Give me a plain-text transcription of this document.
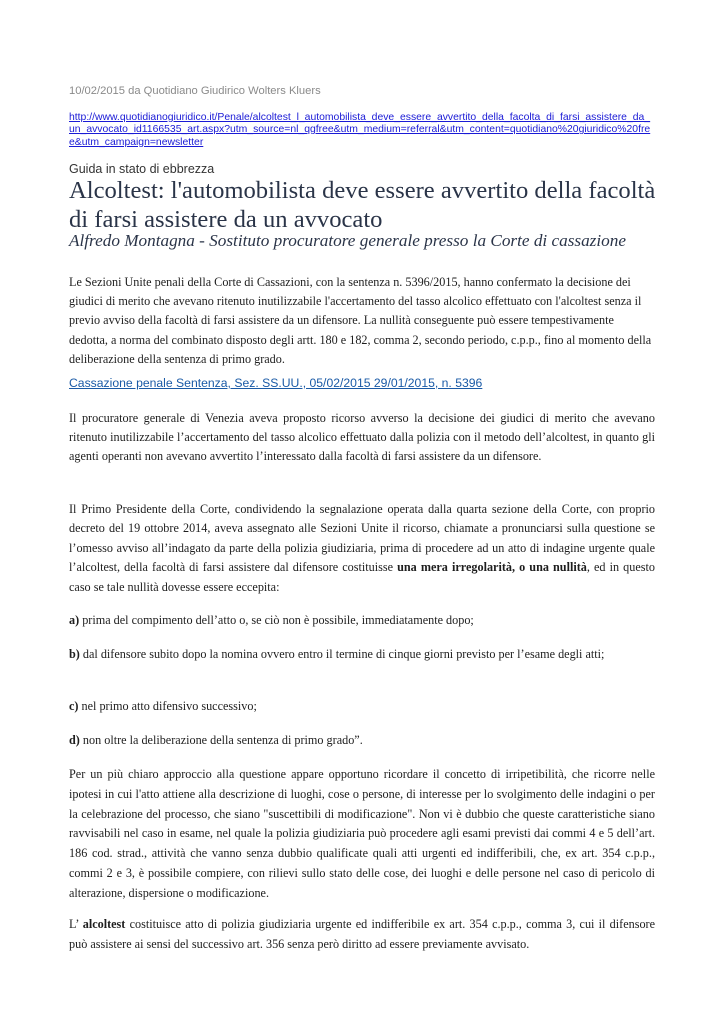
10/02/2015 da Quotidiano Giudirico Wolters Kluers
http://www.quotidianogiuridico.it/Penale/alcoltest_l_automobilista_deve_essere_avvertito_della_facolta_di_farsi_assistere_da_un_avvocato_id1166535_art.aspx?utm_source=nl_qgfree&utm_medium=referral&utm_content=quotidiano%20giuridico%20free&utm_campaign=newsletter
Guida in stato di ebbrezza
Alcoltest: l'automobilista deve essere avvertito della facoltà di farsi assistere da un avvocato
Alfredo Montagna - Sostituto procuratore generale presso la Corte di cassazione

Le Sezioni Unite penali della Corte di Cassazioni, con la sentenza n. 5396/2015, hanno confermato la decisione dei giudici di merito che avevano ritenuto inutilizzabile l'accertamento del tasso alcolico effettuato con l'alcoltest senza il previo avviso della facoltà di farsi assistere da un difensore. La nullità conseguente può essere tempestivamente dedotta, a norma del combinato disposto degli artt. 180 e 182, comma 2, secondo periodo, c.p.p., fino al momento della deliberazione della sentenza di primo grado.

Cassazione penale Sentenza, Sez. SS.UU., 05/02/2015 29/01/2015, n. 5396

Il procuratore generale di Venezia aveva proposto ricorso avverso la decisione dei giudici di merito che avevano ritenuto inutilizzabile l’accertamento del tasso alcolico effettuato dalla polizia con il metodo dell’alcoltest, in quanto gli agenti operanti non avevano avvertito l’interessato dalla facoltà di farsi assistere da un difensore.

Il Primo Presidente della Corte, condividendo la segnalazione operata dalla quarta sezione della Corte, con proprio decreto del 19 ottobre 2014, aveva assegnato alle Sezioni Unite il ricorso, chiamate a pronunciarsi sulla questione se l’omesso avviso all’indagato da parte della polizia giudiziaria, prima di procedere ad un atto di indagine urgente quale l’alcoltest, della facoltà di farsi assistere dal difensore costituisse una mera irregolarità, o una nullità, ed in questo caso se tale nullità dovesse essere eccepita:

a) prima del compimento dell’atto o, se ciò non è possibile, immediatamente dopo;

b) dal difensore subito dopo la nomina ovvero entro il termine di cinque giorni previsto per l’esame degli atti;

c) nel primo atto difensivo successivo;

d) non oltre la deliberazione della sentenza di primo grado”.

Per un più chiaro approccio alla questione appare opportuno ricordare il concetto di irripetibilità, che ricorre nelle ipotesi in cui l'atto attiene alla descrizione di luoghi, cose o persone, di interesse per lo svolgimento delle indagini o per la celebrazione del processo, che siano "suscettibili di modificazione". Non vi è dubbio che queste caratteristiche siano ravvisabili nel caso in esame, nel quale la polizia giudiziaria può procedere agli esami previsti dai commi 4 e 5 dell’art. 186 cod. strad., attività che vanno senza dubbio qualificate quali atti urgenti ed indifferibili, che, ex art. 354 c.p.p., commi 2 e 3, è possibile compiere, con rilievi sullo stato delle cose, dei luoghi e delle persone nel caso di pericolo di alterazione, dispersione o modificazione.

L’ alcoltest costituisce atto di polizia giudiziaria urgente ed indifferibile ex art. 354 c.p.p., comma 3, cui il difensore può assistere ai sensi del successivo art. 356 senza però diritto ad essere previamente avvisato.
